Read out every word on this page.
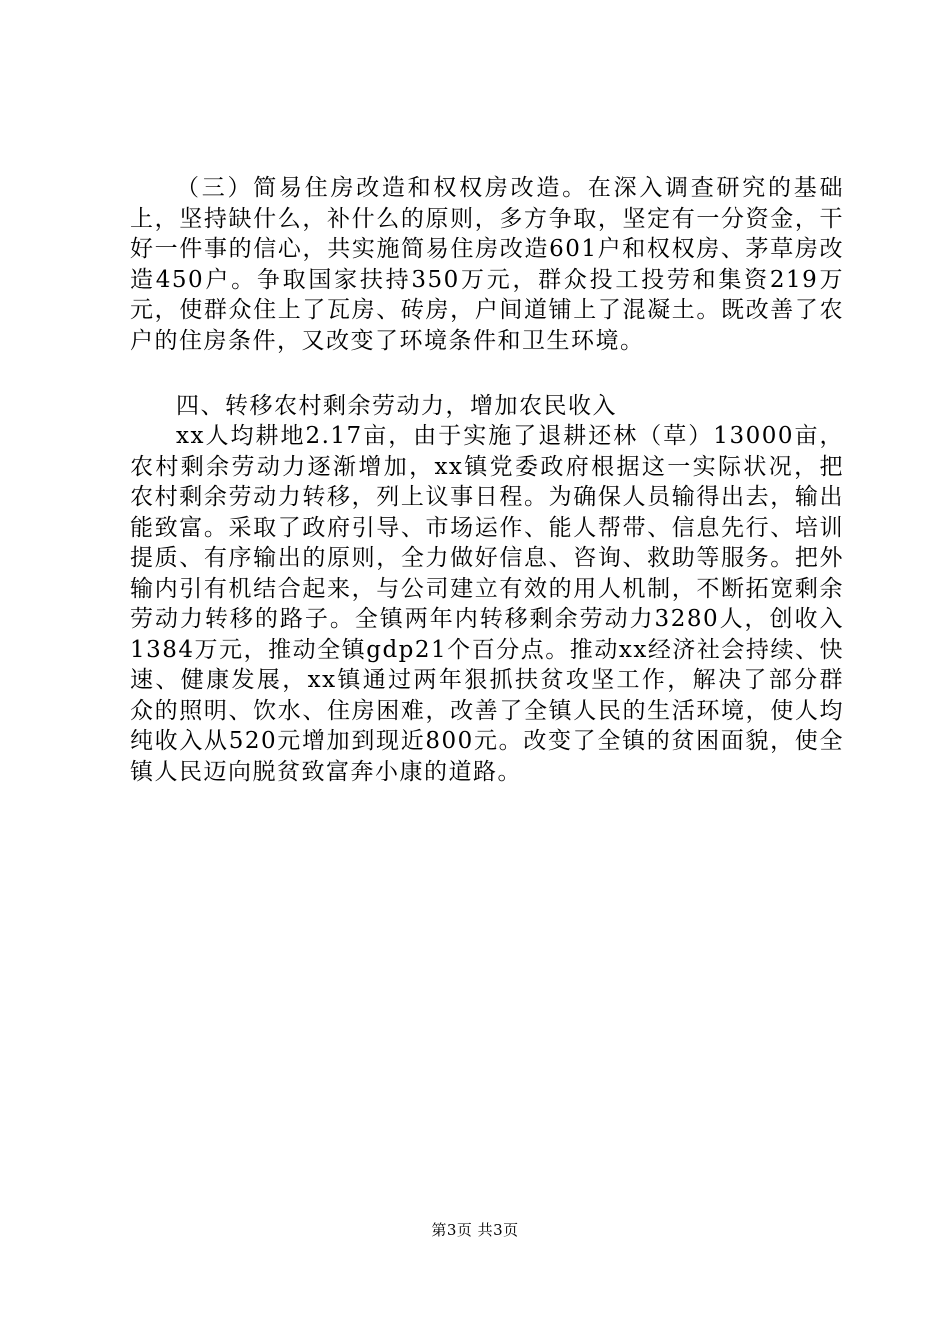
（三）简易住房改造和权权房改造。在深入调查研究的基础上，坚持缺什么，补什么的原则，多方争取，坚定有一分资金，干好一件事的信心，共实施简易住房改造601户和权权房、茅草房改造450户。争取国家扶持350万元，群众投工投劳和集资219万元，使群众住上了瓦房、砖房，户间道铺上了混凝土。既改善了农户的住房条件，又改变了环境条件和卫生环境。

四、转移农村剩余劳动力，增加农民收入

xx人均耕地2.17亩，由于实施了退耕还林（草）13000亩，农村剩余劳动力逐渐增加，xx镇党委政府根据这一实际状况，把农村剩余劳动力转移，列上议事日程。为确保人员输得出去，输出能致富。采取了政府引导、市场运作、能人帮带、信息先行、培训提质、有序输出的原则，全力做好信息、咨询、救助等服务。把外输内引有机结合起来，与公司建立有效的用人机制，不断拓宽剩余劳动力转移的路子。全镇两年内转移剩余劳动力3280人，创收入1384万元，推动全镇gdp21个百分点。推动xx经济社会持续、快速、健康发展，xx镇通过两年狠抓扶贫攻坚工作，解决了部分群众的照明、饮水、住房困难，改善了全镇人民的生活环境，使人均纯收入从520元增加到现近800元。改变了全镇的贫困面貌，使全镇人民迈向脱贫致富奔小康的道路。

第3页 共3页
